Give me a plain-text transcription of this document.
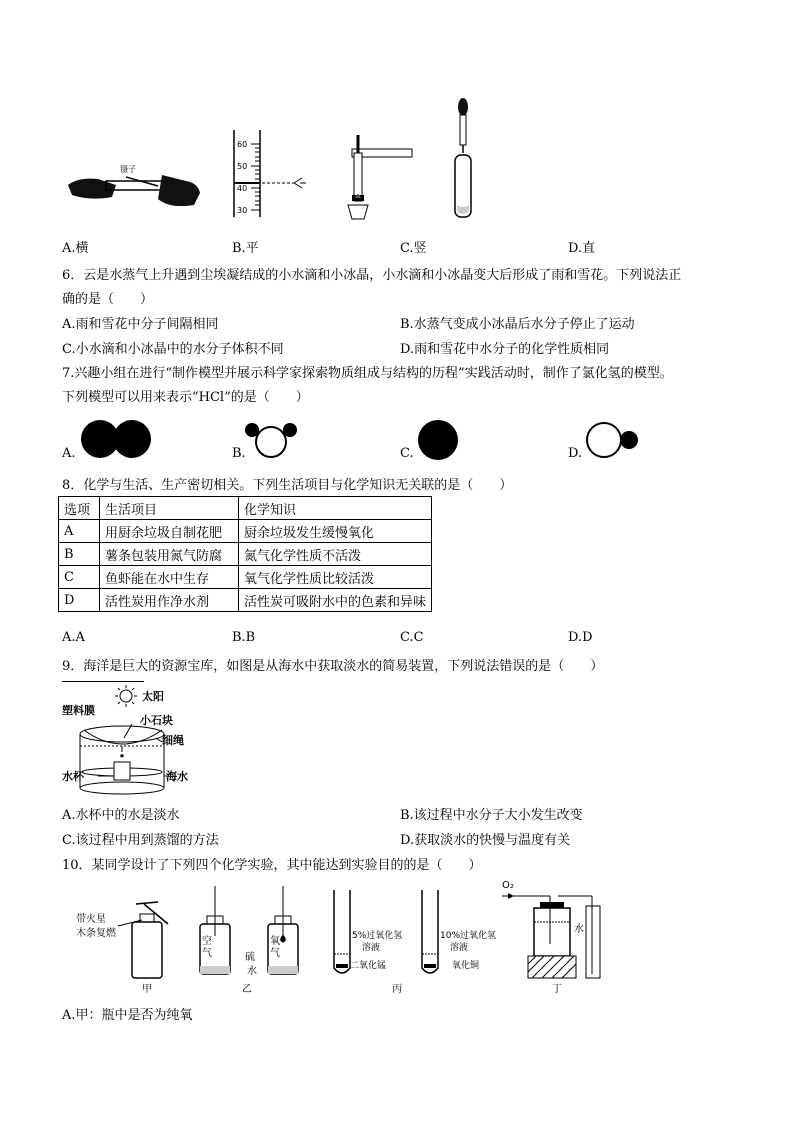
镊子
60
50
40
30
A.横	B.平	C.竖	D.直
6．云是水蒸气上升遇到尘埃凝结成的小水滴和小冰晶，小水滴和小冰晶变大后形成了雨和雪花。下列说法正
确的是（　　）
A.雨和雪花中分子间隔相同	B.水蒸气变成小冰晶后水分子停止了运动
C.小水滴和小冰晶中的水分子体积不同	D.雨和雪花中水分子的化学性质相同
7.兴趣小组在进行“制作模型并展示科学家探索物质组成与结构的历程”实践活动时，制作了氯化氢的模型。
下列模型可以用来表示“HCl”的是（　　）
A.	B.	C.	D.
8．化学与生活、生产密切相关。下列生活项目与化学知识无关联的是（　　）
选项	生活项目	化学知识
A	用厨余垃圾自制花肥	厨余垃圾发生缓慢氧化
B	薯条包装用氮气防腐	氮气化学性质不活泼
C	鱼虾能在水中生存	氧气化学性质比较活泼
D	活性炭用作净水剂	活性炭可吸附水中的色素和异味
A.A	B.B	C.C	D.D
9．海洋是巨大的资源宝库，如图是从海水中获取淡水的简易装置，下列说法错误的是（　　）
太阳
塑料膜
小石块
细绳
水杯	海水
A.水杯中的水是淡水	B.该过程中水分子大小发生改变
C.该过程中用到蒸馏的方法	D.获取淡水的快慢与温度有关
10．某同学设计了下列四个化学实验，其中能达到实验目的的是（　　）
带火星
木条复燃
甲
空
气
氧
气
硫
水
乙
5%过氧化氢
溶液
二氧化锰
10%过氧化氢
溶液
氧化铜
丙
O₂
水
丁
A.甲：瓶中是否为纯氧
